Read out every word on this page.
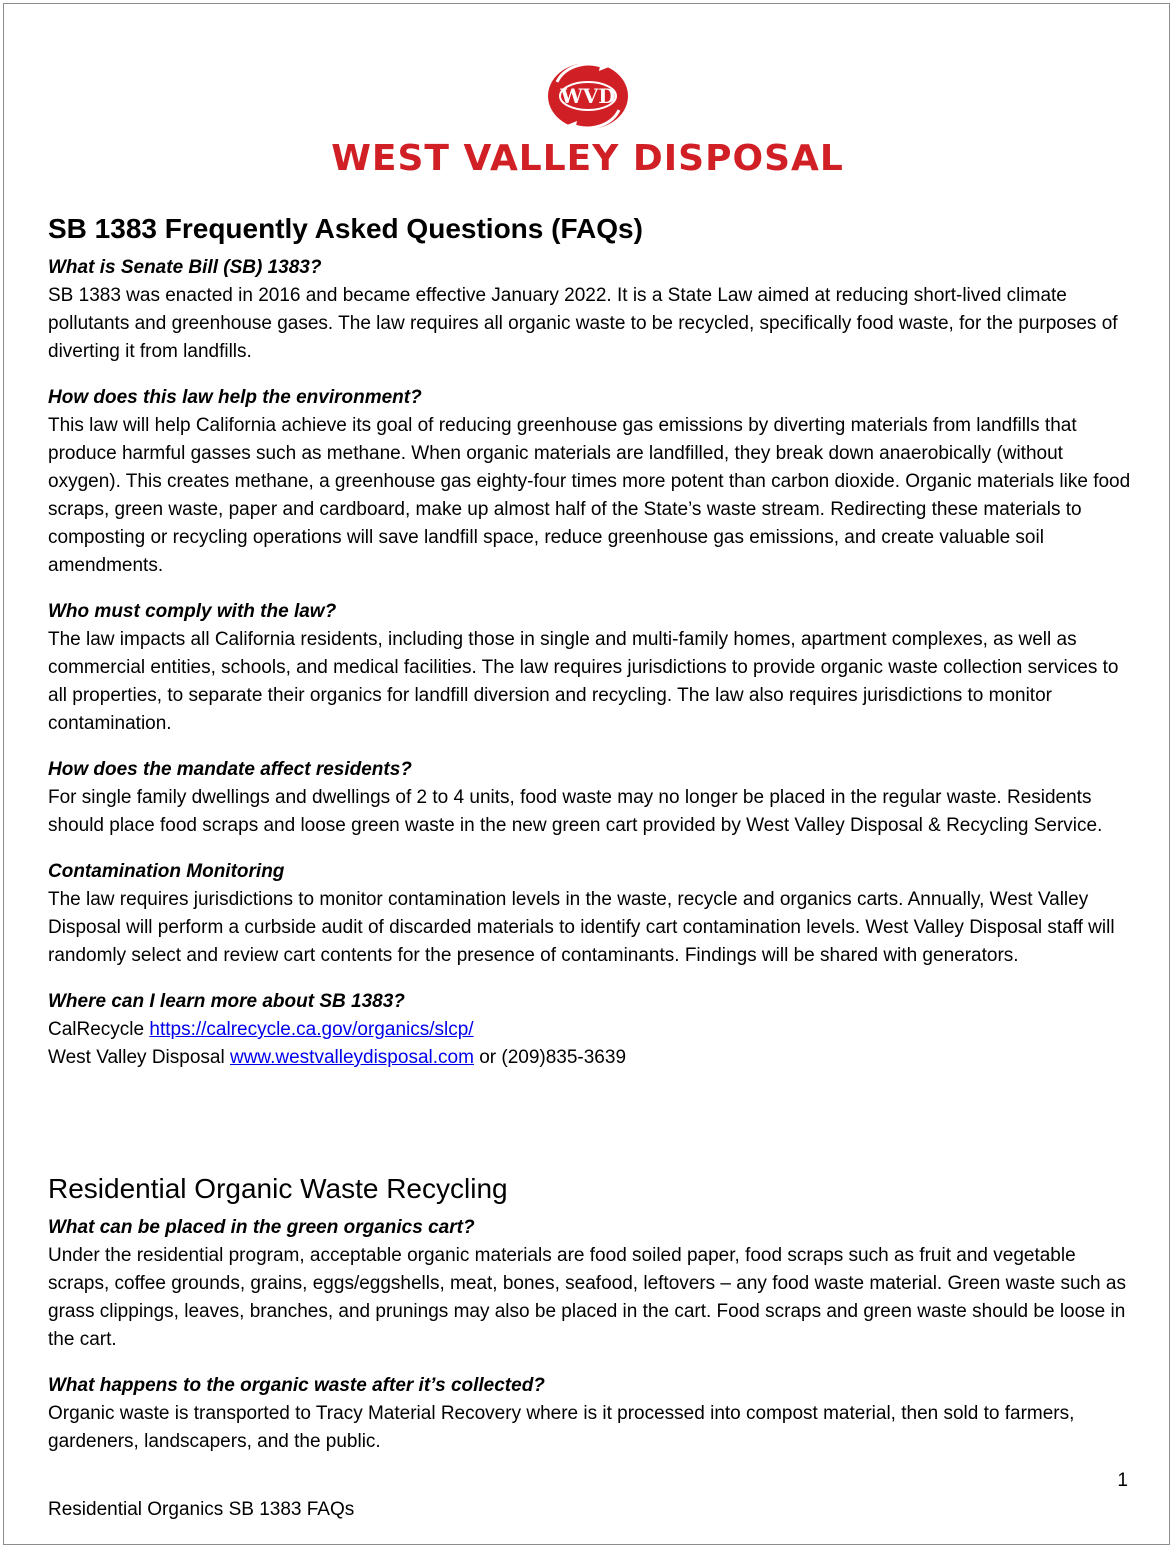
WVD
WEST VALLEY DISPOSAL
SB 1383 Frequently Asked Questions (FAQs)

What is Senate Bill (SB) 1383?

SB 1383 was enacted in 2016 and became effective January 2022. It is a State Law aimed at reducing short-lived climate pollutants and greenhouse gases. The law requires all organic waste to be recycled, specifically food waste, for the purposes of diverting it from landfills.

How does this law help the environment?

This law will help California achieve its goal of reducing greenhouse gas emissions by diverting materials from landfills that produce harmful gasses such as methane. When organic materials are landfilled, they break down anaerobically (without oxygen). This creates methane, a greenhouse gas eighty-four times more potent than carbon dioxide. Organic materials like food scraps, green waste, paper and cardboard, make up almost half of the State’s waste stream. Redirecting these materials to composting or recycling operations will save landfill space, reduce greenhouse gas emissions, and create valuable soil amendments.

Who must comply with the law?

The law impacts all California residents, including those in single and multi-family homes, apartment complexes, as well as commercial entities, schools, and medical facilities. The law requires jurisdictions to provide organic waste collection services to all properties, to separate their organics for landfill diversion and recycling. The law also requires jurisdictions to monitor contamination.

How does the mandate affect residents?

For single family dwellings and dwellings of 2 to 4 units, food waste may no longer be placed in the regular waste. Residents should place food scraps and loose green waste in the new green cart provided by West Valley Disposal & Recycling Service.

Contamination Monitoring

The law requires jurisdictions to monitor contamination levels in the waste, recycle and organics carts. Annually, West Valley Disposal will perform a curbside audit of discarded materials to identify cart contamination levels. West Valley Disposal staff will randomly select and review cart contents for the presence of contaminants. Findings will be shared with generators.

Where can I learn more about SB 1383?

CalRecycle https://calrecycle.ca.gov/organics/slcp/

West Valley Disposal www.westvalleydisposal.com or (209)835-3639

Residential Organic Waste Recycling

What can be placed in the green organics cart?

Under the residential program, acceptable organic materials are food soiled paper, food scraps such as fruit and vegetable scraps, coffee grounds, grains, eggs/eggshells, meat, bones, seafood, leftovers – any food waste material. Green waste such as grass clippings, leaves, branches, and prunings may also be placed in the cart. Food scraps and green waste should be loose in the cart.

What happens to the organic waste after it’s collected?

Organic waste is transported to Tracy Material Recovery where is it processed into compost material, then sold to farmers, gardeners, landscapers, and the public.

1
Residential Organics SB 1383 FAQs
